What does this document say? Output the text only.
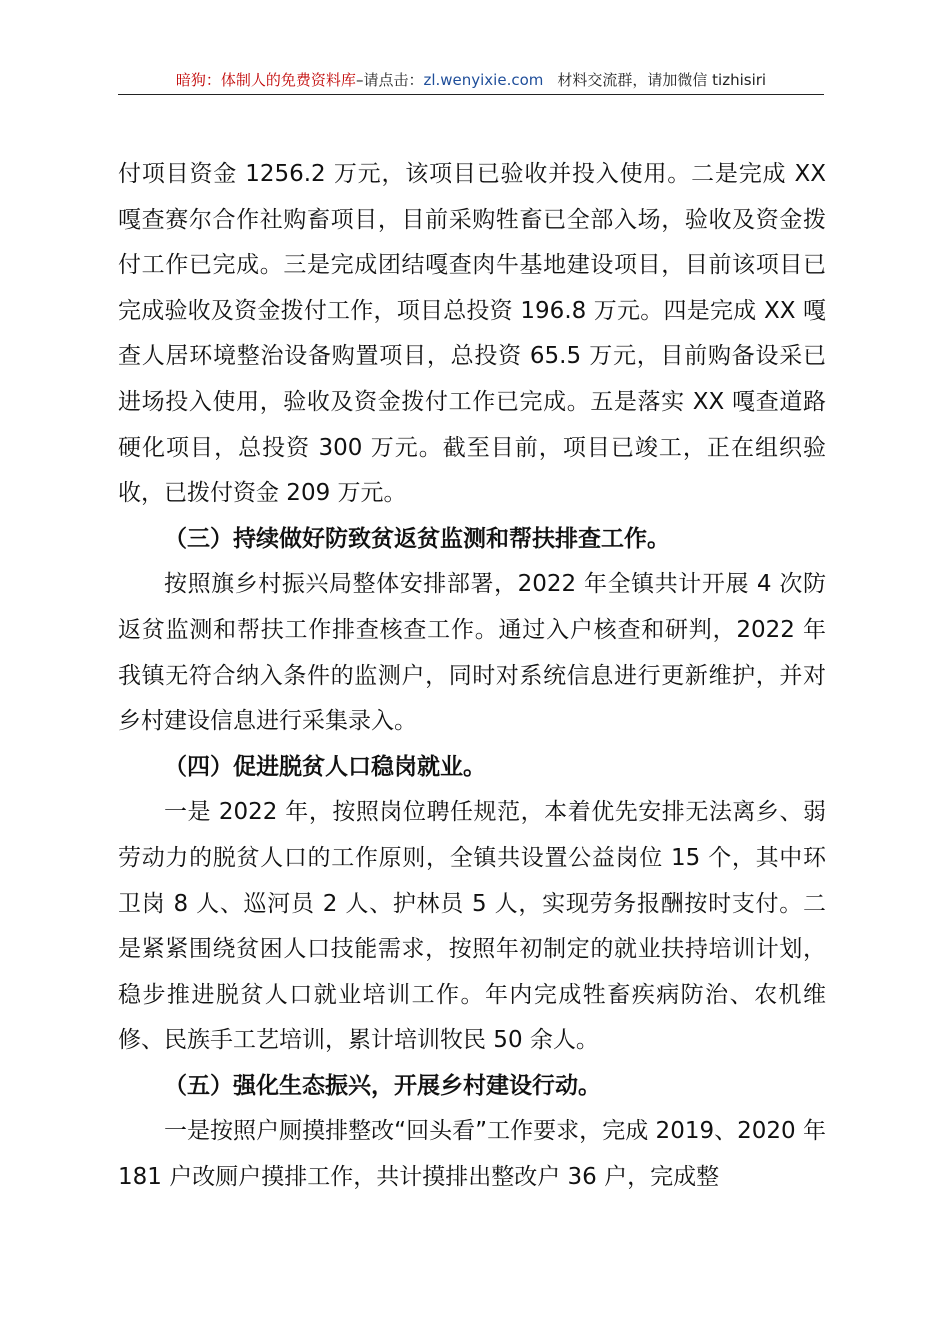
暗狗：体制人的免费资料库–请点击：zl.wenyixie.com 材料交流群，请加微信 tizhisiri

付项目资金 1256.2 万元，该项目已验收并投入使用。二是完成 XX 嘎查赛尔合作社购畜项目，目前采购牲畜已全部入场，验收及资金拨付工作已完成。三是完成团结嘎查肉牛基地建设项目，目前该项目已完成验收及资金拨付工作，项目总投资 196.8 万元。四是完成 XX 嘎查人居环境整治设备购置项目，总投资 65.5 万元，目前购备设采已进场投入使用，验收及资金拨付工作已完成。五是落实 XX 嘎查道路硬化项目，总投资 300 万元。截至目前，项目已竣工，正在组织验收，已拨付资金 209 万元。

（三）持续做好防致贫返贫监测和帮扶排查工作。

按照旗乡村振兴局整体安排部署，2022 年全镇共计开展 4 次防返贫监测和帮扶工作排查核查工作。通过入户核查和研判，2022 年我镇无符合纳入条件的监测户，同时对系统信息进行更新维护，并对乡村建设信息进行采集录入。

（四）促进脱贫人口稳岗就业。

一是 2022 年，按照岗位聘任规范，本着优先安排无法离乡、弱劳动力的脱贫人口的工作原则，全镇共设置公益岗位 15 个，其中环卫岗 8 人、巡河员 2 人、护林员 5 人，实现劳务报酬按时支付。二是紧紧围绕贫困人口技能需求，按照年初制定的就业扶持培训计划，稳步推进脱贫人口就业培训工作。年内完成牲畜疾病防治、农机维修、民族手工艺培训，累计培训牧民 50 余人。

（五）强化生态振兴，开展乡村建设行动。

一是按照户厕摸排整改“回头看”工作要求，完成 2019、2020 年 181 户改厕户摸排工作，共计摸排出整改户 36 户，完成整
